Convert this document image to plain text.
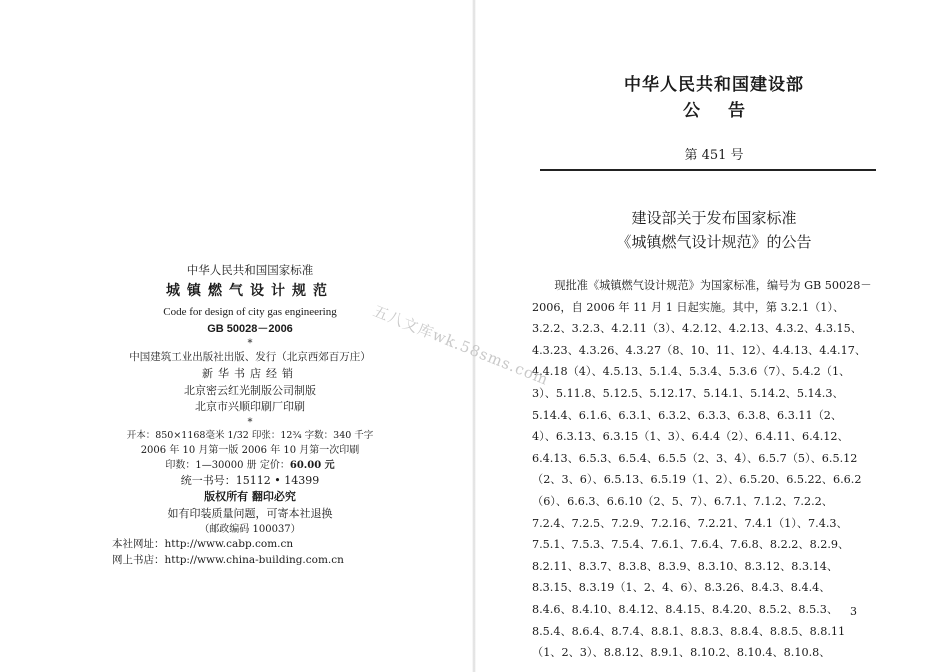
中华人民共和国国家标准
城镇燃气设计规范
Code for design of city gas engineering
GB 50028－2006
*
中国建筑工业出版社出版、发行（北京西郊百万庄）
新华书店经销
北京密云红光制版公司制版
北京市兴顺印刷厂印刷
*
开本：850×1168毫米 1/32 印张：12¾ 字数：340 千字
2006 年 10 月第一版 2006 年 10 月第一次印刷
印数：1—30000 册 定价：60.00 元
统一书号：15112 • 14399
版权所有 翻印必究
如有印装质量问题，可寄本社退换
（邮政编码 100037）
本社网址：http://www.cabp.com.cn
网上书店：http://www.china-building.com.cn
中华人民共和国建设部
公告
第 451 号
建设部关于发布国家标准
《城镇燃气设计规范》的公告
现批准《城镇燃气设计规范》为国家标准，编号为 GB 50028－
2006，自 2006 年 11 月 1 日起实施。其中，第 3.2.1（1）、
3.2.2、3.2.3、4.2.11（3）、4.2.12、4.2.13、4.3.2、4.3.15、
4.3.23、4.3.26、4.3.27（8、10、11、12）、4.4.13、4.4.17、
4.4.18（4）、4.5.13、5.1.4、5.3.4、5.3.6（7）、5.4.2（1、
3）、5.11.8、5.12.5、5.12.17、5.14.1、5.14.2、5.14.3、
5.14.4、6.1.6、6.3.1、6.3.2、6.3.3、6.3.8、6.3.11（2、
4）、6.3.13、6.3.15（1、3）、6.4.4（2）、6.4.11、6.4.12、
6.4.13、6.5.3、6.5.4、6.5.5（2、3、4）、6.5.7（5）、6.5.12
（2、3、6）、6.5.13、6.5.19（1、2）、6.5.20、6.5.22、6.6.2
（6）、6.6.3、6.6.10（2、5、7）、6.7.1、7.1.2、7.2.2、
7.2.4、7.2.5、7.2.9、7.2.16、7.2.21、7.4.1（1）、7.4.3、
7.5.1、7.5.3、7.5.4、7.6.1、7.6.4、7.6.8、8.2.2、8.2.9、
8.2.11、8.3.7、8.3.8、8.3.9、8.3.10、8.3.12、8.3.14、
8.3.15、8.3.19（1、2、4、6）、8.3.26、8.4.3、8.4.4、
8.4.6、8.4.10、8.4.12、8.4.15、8.4.20、8.5.2、8.5.3、
8.5.4、8.6.4、8.7.4、8.8.1、8.8.3、8.8.4、8.8.5、8.8.11
（1、2、3）、8.8.12、8.9.1、8.10.2、8.10.4、8.10.8、
3
五八文库wk.58sms.com
